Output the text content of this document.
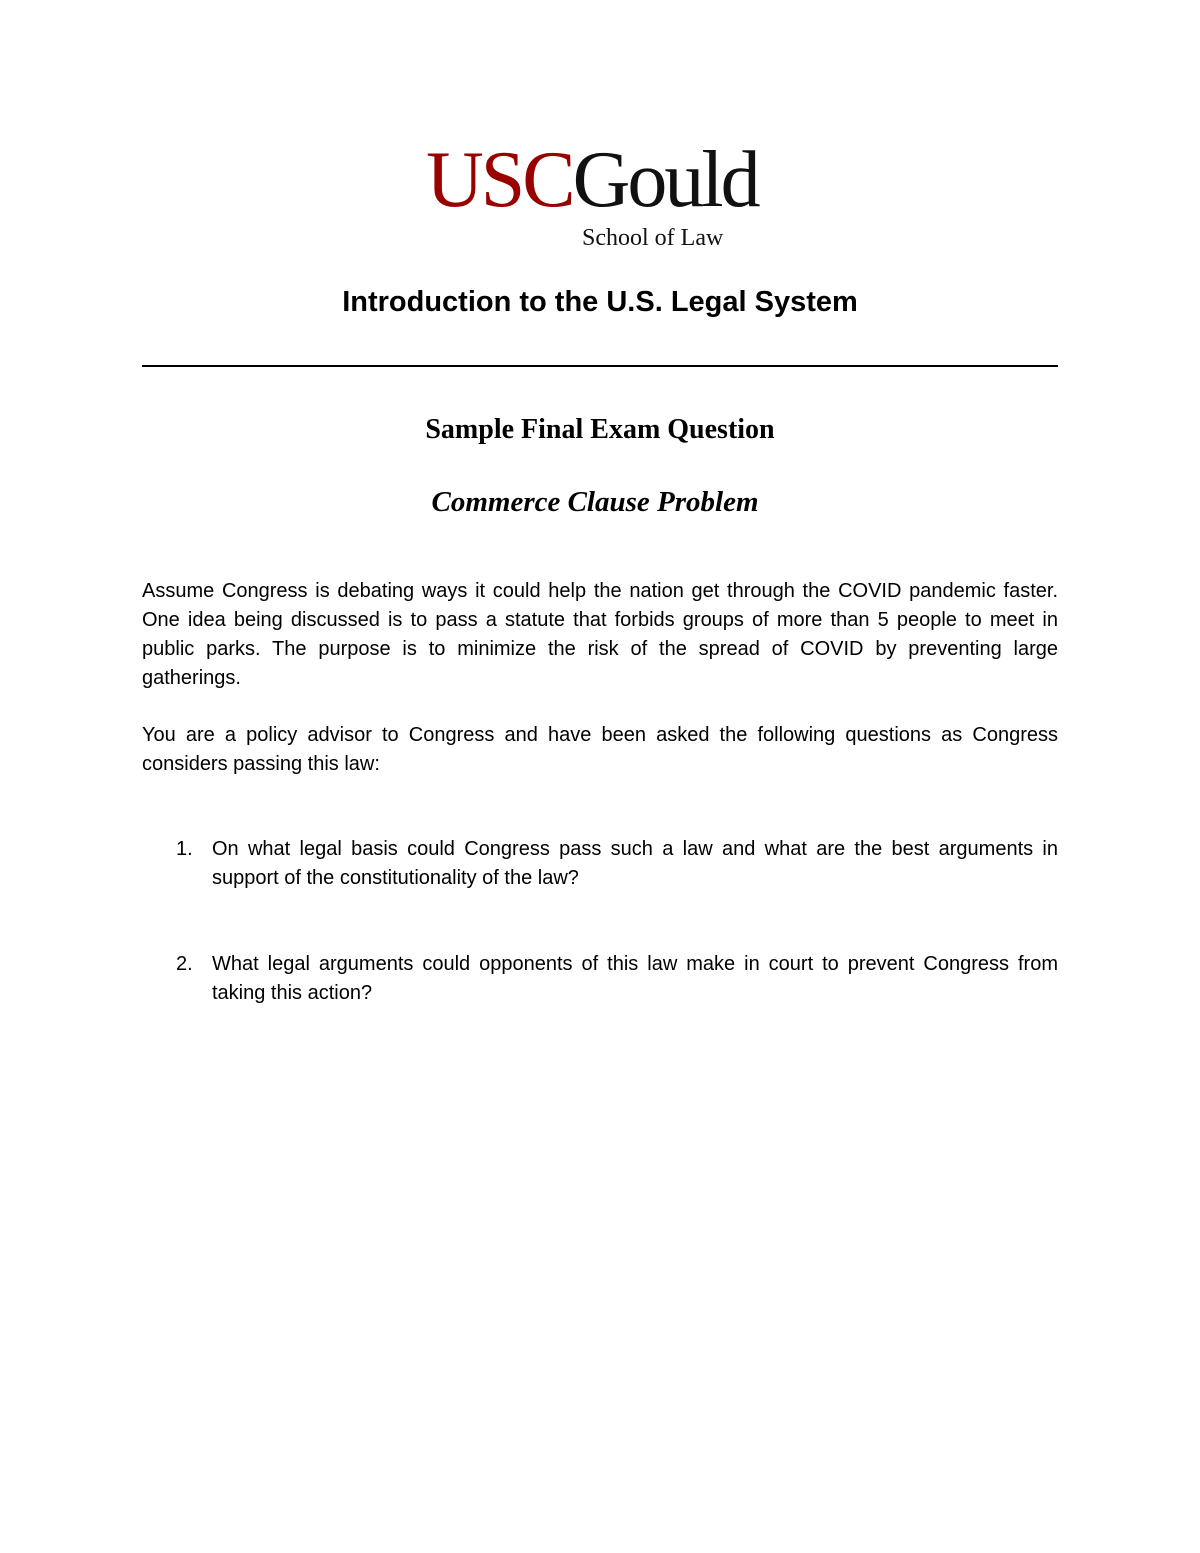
USCGould
School of Law
Introduction to the U.S. Legal System
Sample Final Exam Question
Commerce Clause Problem

Assume Congress is debating ways it could help the nation get through the COVID pandemic faster. One idea being discussed is to pass a statute that forbids groups of more than 5 people to meet in public parks. The purpose is to minimize the risk of the spread of COVID by preventing large gatherings.

You are a policy advisor to Congress and have been asked the following questions as Congress considers passing this law:

1. On what legal basis could Congress pass such a law and what are the best arguments in support of the constitutionality of the law?

2. What legal arguments could opponents of this law make in court to prevent Congress from taking this action?
